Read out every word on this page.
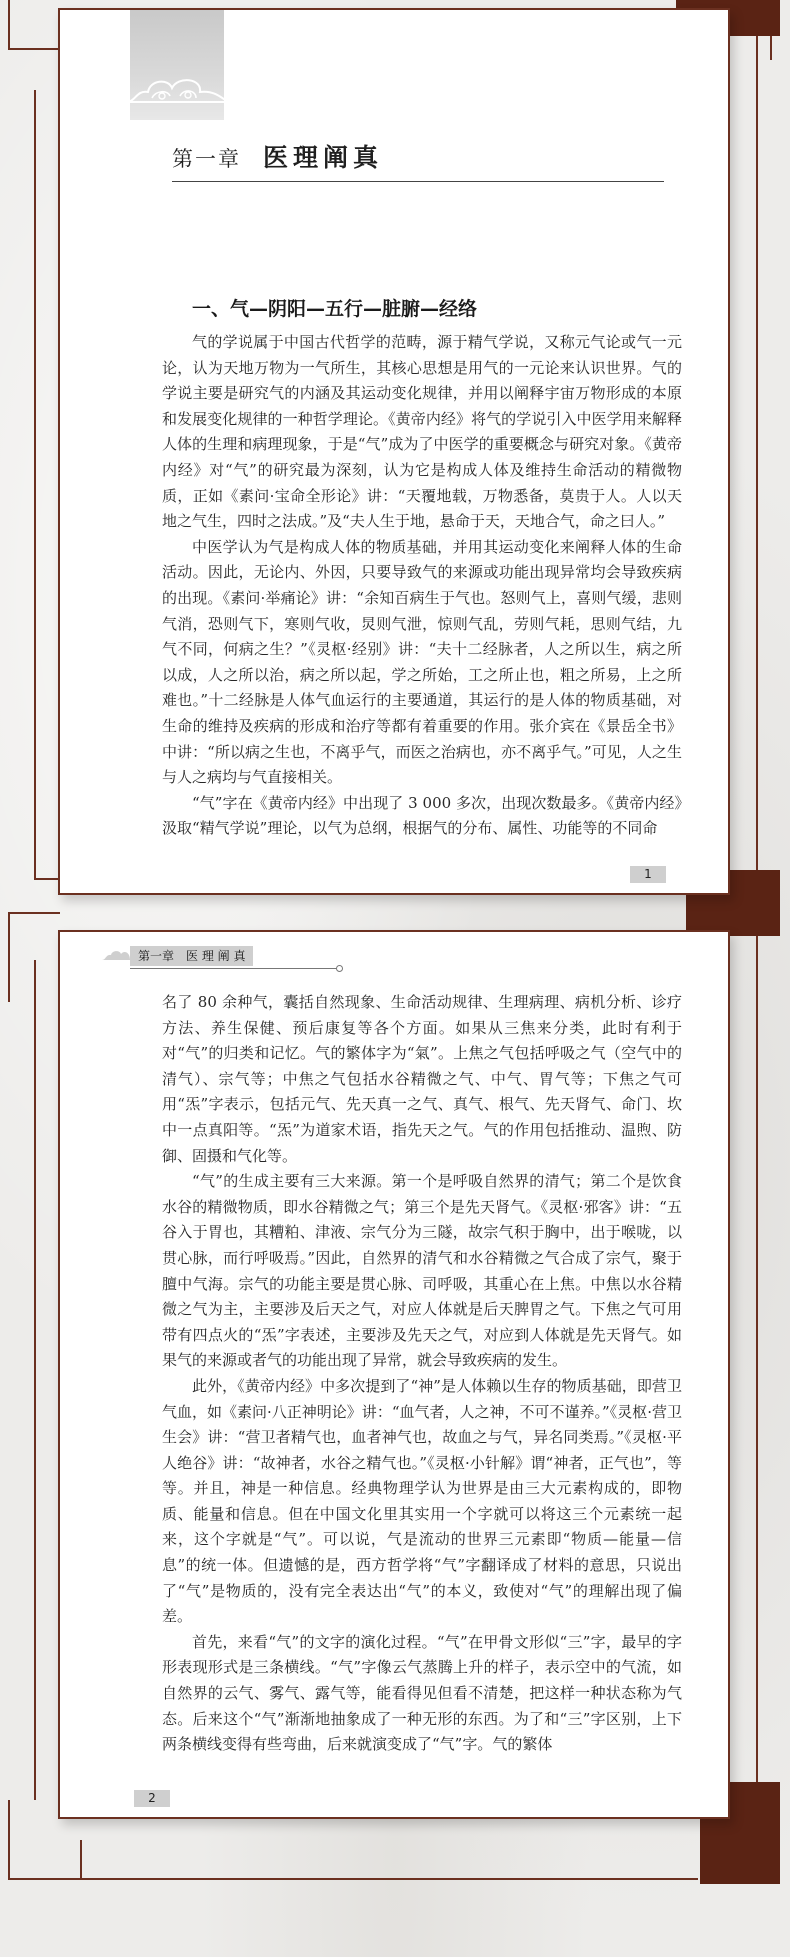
第一章 医理阐真
一、气—阴阳—五行—脏腑—经络

气的学说属于中国古代哲学的范畴，源于精气学说，又称元气论或气一元论，认为天地万物为一气所生，其核心思想是用气的一元论来认识世界。气的学说主要是研究气的内涵及其运动变化规律，并用以阐释宇宙万物形成的本原和发展变化规律的一种哲学理论。《黄帝内经》将气的学说引入中医学用来解释人体的生理和病理现象，于是“气”成为了中医学的重要概念与研究对象。《黄帝内经》对“气”的研究最为深刻，认为它是构成人体及维持生命活动的精微物质，正如《素问·宝命全形论》讲：“天覆地载，万物悉备，莫贵于人。人以天地之气生，四时之法成。”及“夫人生于地，悬命于天，天地合气，命之曰人。”

中医学认为气是构成人体的物质基础，并用其运动变化来阐释人体的生命活动。因此，无论内、外因，只要导致气的来源或功能出现异常均会导致疾病的出现。《素问·举痛论》讲：“余知百病生于气也。怒则气上，喜则气缓，悲则气消，恐则气下，寒则气收，炅则气泄，惊则气乱，劳则气耗，思则气结，九气不同，何病之生？”《灵枢·经别》讲：“夫十二经脉者，人之所以生，病之所以成，人之所以治，病之所以起，学之所始，工之所止也，粗之所易，上之所难也。”十二经脉是人体气血运行的主要通道，其运行的是人体的物质基础，对生命的维持及疾病的形成和治疗等都有着重要的作用。张介宾在《景岳全书》中讲：“所以病之生也，不离乎气，而医之治病也，亦不离乎气。”可见，人之生与人之病均与气直接相关。

“气”字在《黄帝内经》中出现了 3 000 多次，出现次数最多。《黄帝内经》汲取“精气学说”理论，以气为总纲，根据气的分布、属性、功能等的不同命

1
第一章 医 理 阐 真

名了 80 余种气，囊括自然现象、生命活动规律、生理病理、病机分析、诊疗方法、养生保健、预后康复等各个方面。如果从三焦来分类，此时有利于对“气”的归类和记忆。气的繁体字为“氣”。上焦之气包括呼吸之气（空气中的清气）、宗气等；中焦之气包括水谷精微之气、中气、胃气等；下焦之气可用“炁”字表示，包括元气、先天真一之气、真气、根气、先天肾气、命门、坎中一点真阳等。“炁”为道家术语，指先天之气。气的作用包括推动、温煦、防御、固摄和气化等。

“气”的生成主要有三大来源。第一个是呼吸自然界的清气；第二个是饮食水谷的精微物质，即水谷精微之气；第三个是先天肾气。《灵枢·邪客》讲：“五谷入于胃也，其糟粕、津液、宗气分为三隧，故宗气积于胸中，出于喉咙，以贯心脉，而行呼吸焉。”因此，自然界的清气和水谷精微之气合成了宗气，聚于膻中气海。宗气的功能主要是贯心脉、司呼吸，其重心在上焦。中焦以水谷精微之气为主，主要涉及后天之气，对应人体就是后天脾胃之气。下焦之气可用带有四点火的“炁”字表述，主要涉及先天之气，对应到人体就是先天肾气。如果气的来源或者气的功能出现了异常，就会导致疾病的发生。

此外，《黄帝内经》中多次提到了“神”是人体赖以生存的物质基础，即营卫气血，如《素问·八正神明论》讲：“血气者，人之神，不可不谨养。”《灵枢·营卫生会》讲：“营卫者精气也，血者神气也，故血之与气，异名同类焉。”《灵枢·平人绝谷》讲：“故神者，水谷之精气也。”《灵枢·小针解》谓“神者，正气也”，等等。并且，神是一种信息。经典物理学认为世界是由三大元素构成的，即物质、能量和信息。但在中国文化里其实用一个字就可以将这三个元素统一起来，这个字就是“气”。可以说，气是流动的世界三元素即“物质—能量—信息”的统一体。但遗憾的是，西方哲学将“气”字翻译成了材料的意思，只说出了“气”是物质的，没有完全表达出“气”的本义，致使对“气”的理解出现了偏差。

首先，来看“气”的文字的演化过程。“气”在甲骨文形似“三”字，最早的字形表现形式是三条横线。“气”字像云气蒸腾上升的样子，表示空中的气流，如自然界的云气、雾气、露气等，能看得见但看不清楚，把这样一种状态称为气态。后来这个“气”渐渐地抽象成了一种无形的东西。为了和“三”字区别，上下两条横线变得有些弯曲，后来就演变成了“气”字。气的繁体

2
